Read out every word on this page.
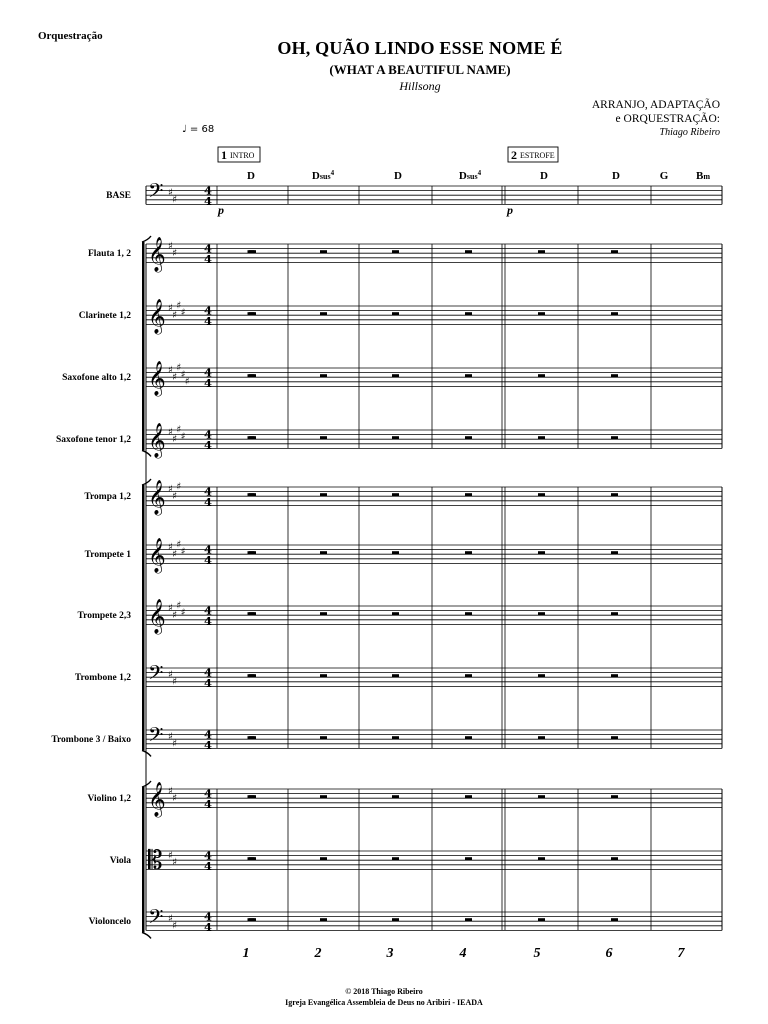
Orquestração
OH, QUÃO LINDO ESSE NOME É
(WHAT A BEAUTIFUL NAME)
Hillsong
ARRANJO, ADAPTAÇÃO
e ORQUESTRAÇÃO:
Thiago Ribeiro
♩ = 68
BASE 𝄢 ♯
♯
4
4
Flauta 1, 2 𝄞 ♯
♯ 4
4
Clarinete 1,2 𝄞 ♯
♯
♯
♯ 4
4
Saxofone alto 1,2 𝄞 ♯
♯
♯
♯
♯
4
4
Saxofone tenor 1,2 𝄞 ♯
♯
♯
♯ 4
4
Trompa 1,2 𝄞 ♯
♯
♯ 4
4
Trompete 1 𝄞 ♯
♯
♯
♯ 4
4
Trompete 2,3 𝄞 ♯
♯
♯
♯ 4
4
Trombone 1,2 𝄢 ♯
♯
4
4
Trombone 3 / Baixo 𝄢 ♯
♯
4
4
Violino 1,2 𝄞 ♯
♯ 4
4
Viola 𝄡 ♯
♯ 4
4
Violoncelo 𝄢 ♯
♯
4
4
1 INTRO	2 ESTROFE
D	Dsus$^4$	D	Dsus$^4$	D	D	G	Bm
p	p
1	2	3	4	5	6	7
© 2018 Thiago Ribeiro
Igreja Evangélica Assembleia de Deus no Aribiri - IEADA
